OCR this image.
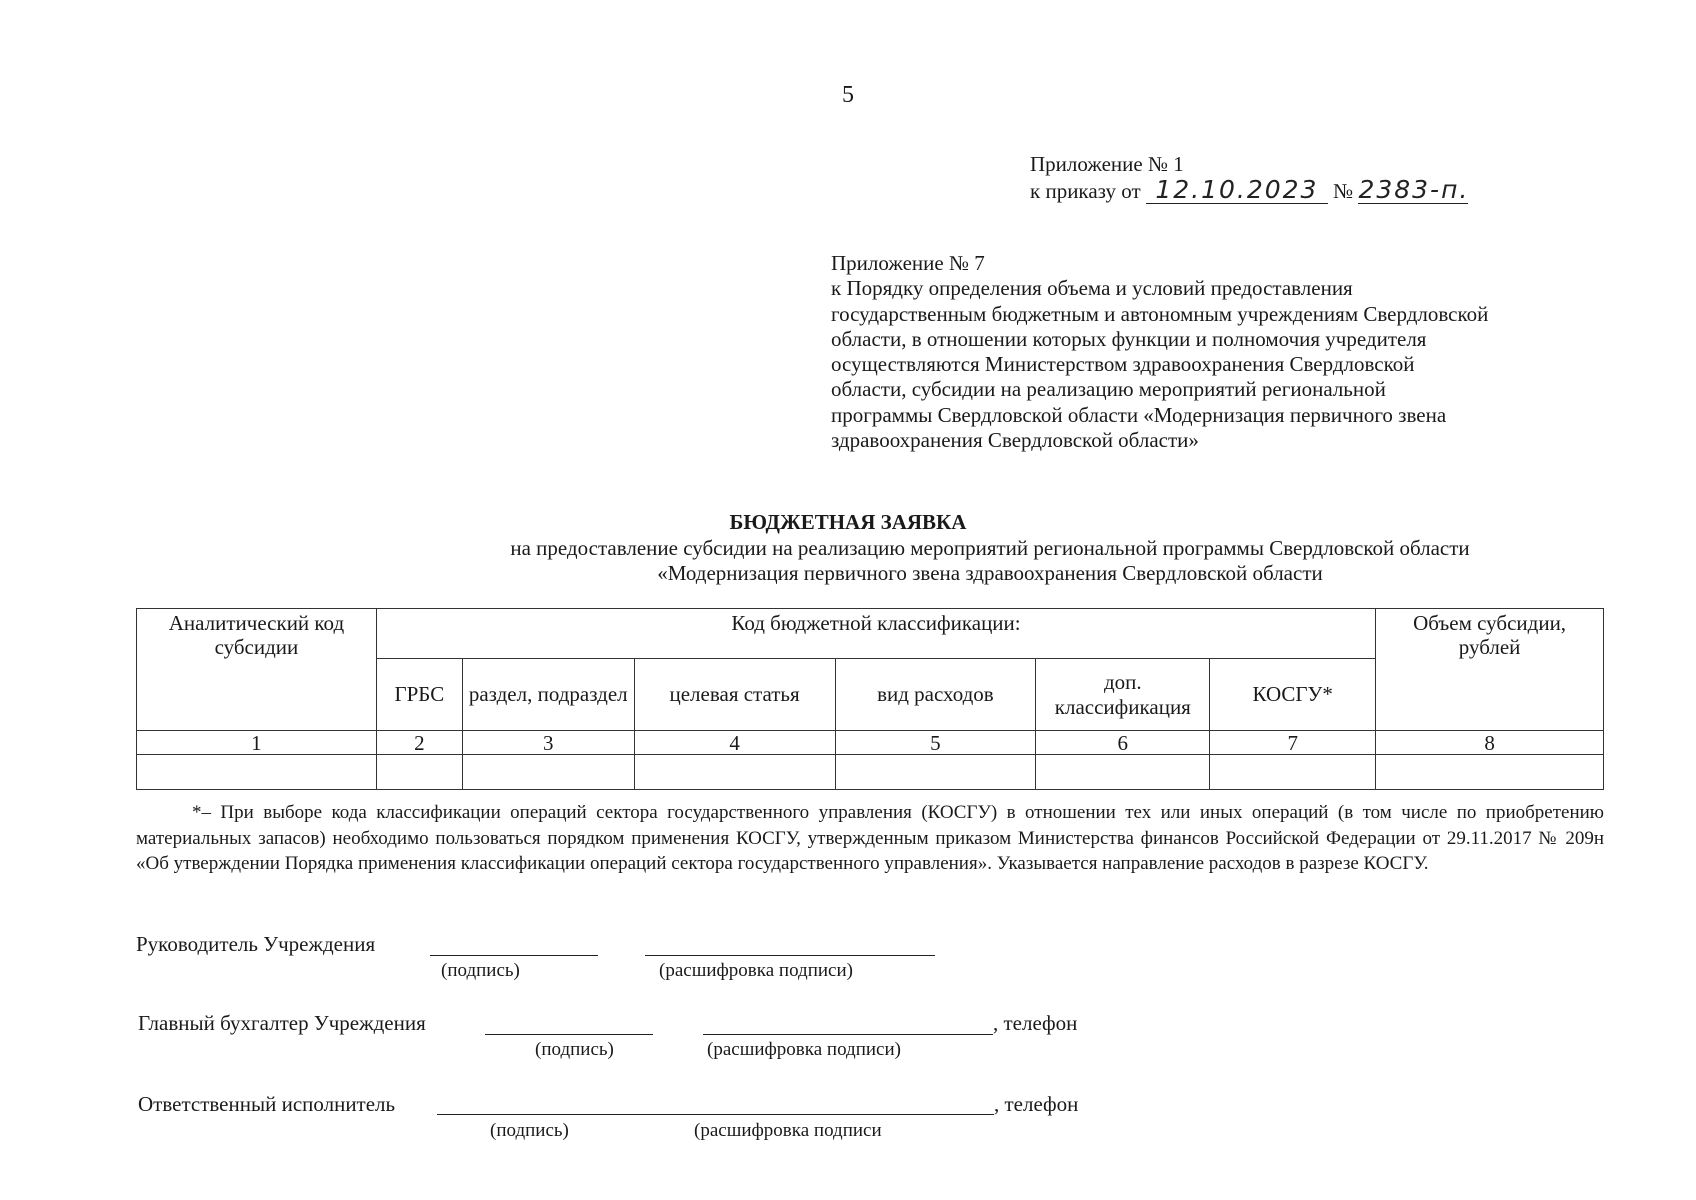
5
Приложение № 1
к приказу от 12.10.2023 № 2383-п.
Приложение № 7
к Порядку определения объема и условий предоставления
государственным бюджетным и автономным учреждениям Свердловской
области, в отношении которых функции и полномочия учредителя
осуществляются Министерством здравоохранения Свердловской
области, субсидии на реализацию мероприятий региональной
программы Свердловской области «Модернизация первичного звена
здравоохранения Свердловской области»
БЮДЖЕТНАЯ ЗАЯВКА
на предоставление субсидии на реализацию мероприятий региональной программы Свердловской области
«Модернизация первичного звена здравоохранения Свердловской области
Аналитический код субсидии	Код бюджетной классификации:						Объем субсидии, рублей
	ГРБС	раздел, подраздел	целевая статья	вид расходов	доп. классификация	КОСГУ*	
1	2	3	4	5	6	7	8

*– При выборе кода классификации операций сектора государственного управления (КОСГУ) в отношении тех или иных операций (в том числе по приобретению материальных запасов) необходимо пользоваться порядком применения КОСГУ, утвержденным приказом Министерства финансов Российской Федерации от 29.11.2017 № 209н «Об утверждении Порядка применения классификации операций сектора государственного управления». Указывается направление расходов в разрезе КОСГУ.
Руководитель Учреждения
(подпись)	(расшифровка подписи)
Главный бухгалтер Учреждения	, телефон
(подпись)	(расшифровка подписи)
Ответственный исполнитель	, телефон
(подпись)	(расшифровка подписи
